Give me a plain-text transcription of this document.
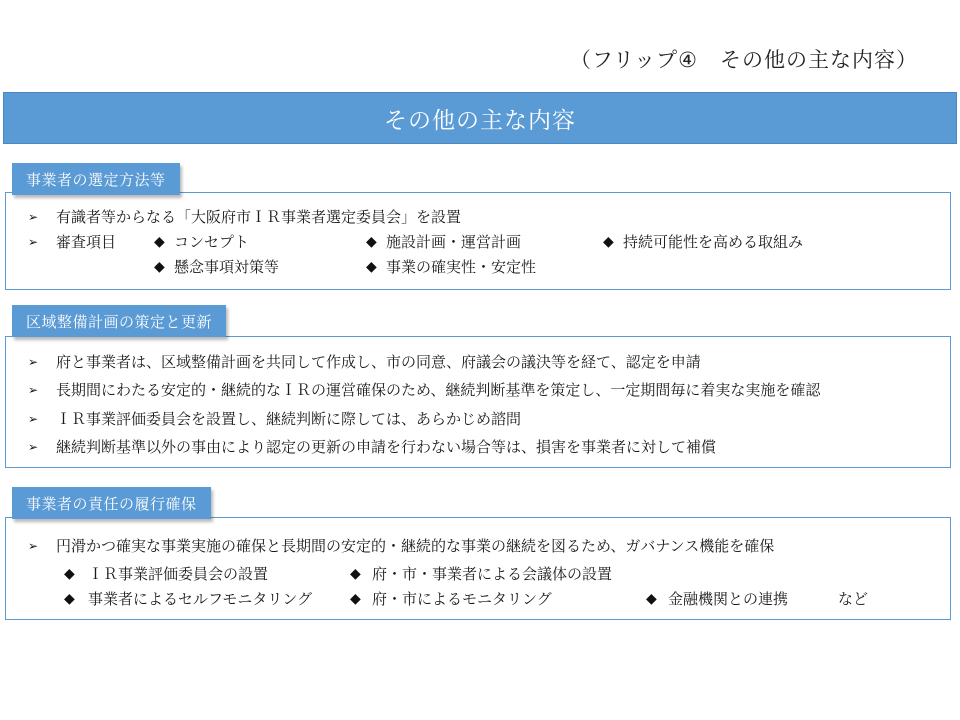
（フリップ④　その他の主な内容）
その他の主な内容
➢ 有識者等からなる「大阪府市ＩＲ事業者選定委員会」を設置
➢ 審査項目	◆ コンセプト	◆ 施設計画・運営計画	◆ 持続可能性を高める取組み
◆ 懸念事項対策等	◆ 事業の確実性・安定性
事業者の選定方法等
➢ 府と事業者は、区域整備計画を共同して作成し、市の同意、府議会の議決等を経て、認定を申請
➢ 長期間にわたる安定的・継続的なＩＲの運営確保のため、継続判断基準を策定し、一定期間毎に着実な実施を確認
➢ ＩＲ事業評価委員会を設置し、継続判断に際しては、あらかじめ諮問
➢ 継続判断基準以外の事由により認定の更新の申請を行わない場合等は、損害を事業者に対して補償
区域整備計画の策定と更新
➢ 円滑かつ確実な事業実施の確保と長期間の安定的・継続的な事業の継続を図るため、ガバナンス機能を確保
◆ ＩＲ事業評価委員会の設置	◆ 府・市・事業者による会議体の設置
◆ 事業者によるセルフモニタリング	◆ 府・市によるモニタリング	◆ 金融機関との連携	など
事業者の責任の履行確保
